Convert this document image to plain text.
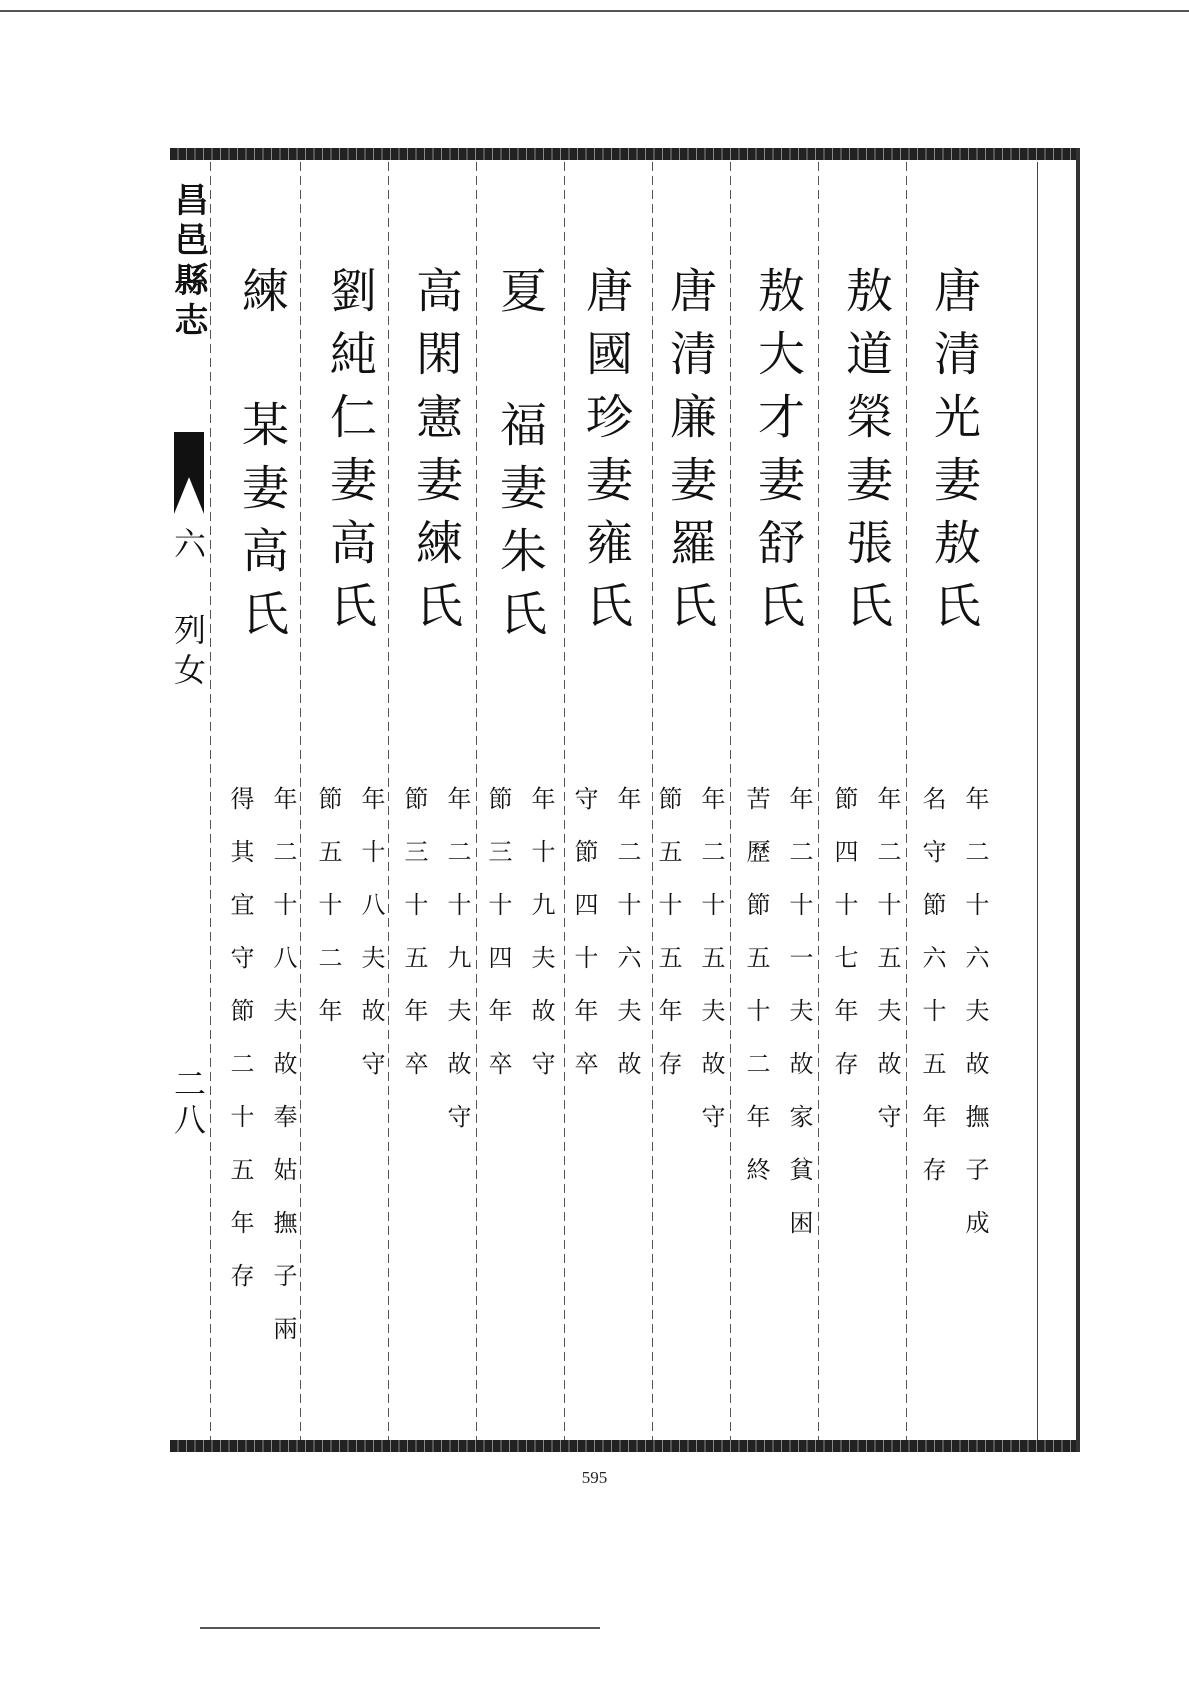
昌邑縣志
六 列女
二八
唐清光妻敖氏
年二十六夫故撫子成
名守節六十五年存
敖道榮妻張氏
年二十五夫故守
節四十七年存
敖大才妻舒氏
年二十一夫故家貧困
苦歷節五十二年終
唐清廉妻羅氏
年二十五夫故守
節五十五年存
唐國珍妻雍氏
年二十六夫故
守節四十年卒
夏 福妻朱氏
年十九夫故守
節三十四年卒
高閑憲妻練氏
年二十九夫故守
節三十五年卒
劉純仁妻高氏
年十八夫故守
節五十二年
練 某妻高氏
年二十八夫故奉姑撫子兩
得其宜守節二十五年存
595
